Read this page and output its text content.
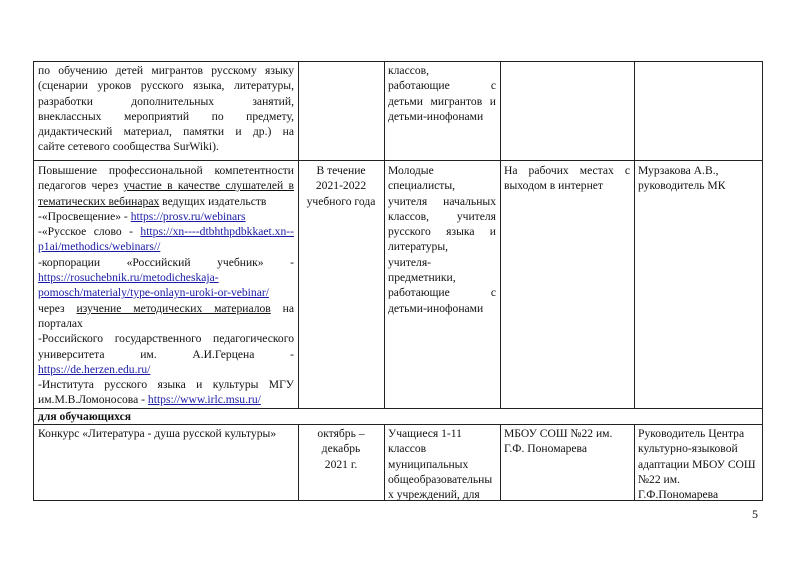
для обучающихся
по обучению детей мигрантов русскому языку
(сценарии уроков русского языка, литературы,
разработки дополнительных занятий,
внеклассных мероприятий по предмету,
дидактический материал, памятки и др.) на
сайте сетевого сообщества SurWiki).
классов,
работающие с
детьми мигрантов и
детьми-инофонами
Повышение профессиональной компетентности
педагогов через участие в качестве слушателей в
тематических вебинарах ведущих издательств
-«Просвещение» - https://prosv.ru/webinars
-«Русское слово - https://xn----dtbhthpdbkkaet.xn--
p1ai/methodics/webinars//
-корпорации «Российский учебник» -
https://rosuchebnik.ru/metodicheskaja-
pomosch/materialy/type-onlayn-uroki-or-vebinar/
через изучение методических материалов на
порталах
-Российского государственного педагогического
университета им. А.И.Герцена -
https://de.herzen.edu.ru/
-Института русского языка и культуры МГУ
им.М.В.Ломоносова - https://www.irlc.msu.ru/
В течение
2021-2022
учебного года
Молодые
специалисты,
учителя начальных
классов, учителя
русского языка и
литературы,
учителя-
предметники,
работающие с
детьми-инофонами
На рабочих местах с
выходом в интернет
Мурзакова А.В.,
руководитель МК
Конкурс «Литература - душа русской культуры»	октябрь –
декабрь
2021 г.
Учащиеся 1-11
классов
муниципальных
общеобразовательны
х учреждений, для
МБОУ СОШ №22 им.
Г.Ф. Пономарева
Руководитель Центра
культурно-языковой
адаптации МБОУ СОШ
№22 им.
Г.Ф.Пономарева
5
